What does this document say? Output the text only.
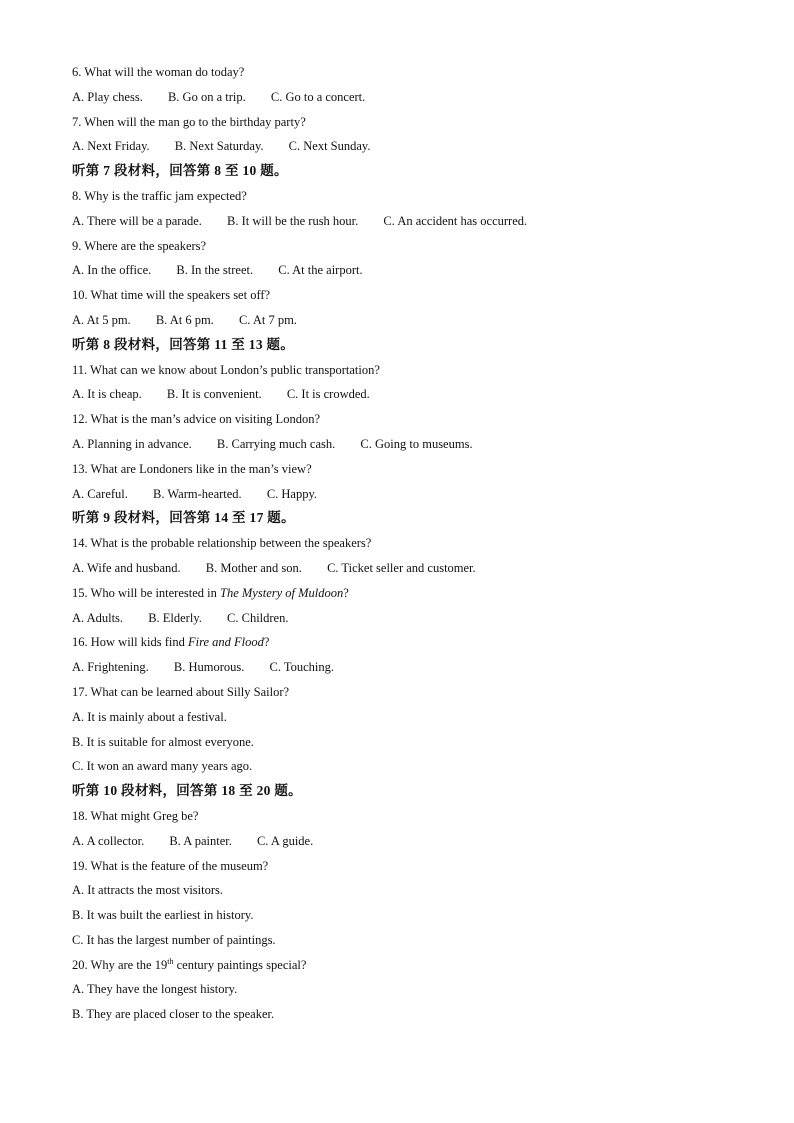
6. What will the woman do today?
A. Play chess. B. Go on a trip. C. Go to a concert.
7. When will the man go to the birthday party?
A. Next Friday. B. Next Saturday. C. Next Sunday.
听第 7 段材料，回答第 8 至 10 题。
8. Why is the traffic jam expected?
A. There will be a parade. B. It will be the rush hour. C. An accident has occurred.
9. Where are the speakers?
A. In the office. B. In the street. C. At the airport.
10. What time will the speakers set off?
A. At 5 pm. B. At 6 pm. C. At 7 pm.
听第 8 段材料，回答第 11 至 13 题。
11. What can we know about London’s public transportation?
A. It is cheap. B. It is convenient. C. It is crowded.
12. What is the man’s advice on visiting London?
A. Planning in advance. B. Carrying much cash. C. Going to museums.
13. What are Londoners like in the man’s view?
A. Careful. B. Warm-hearted. C. Happy.
听第 9 段材料，回答第 14 至 17 题。
14. What is the probable relationship between the speakers?
A. Wife and husband. B. Mother and son. C. Ticket seller and customer.
15. Who will be interested in The Mystery of Muldoon?
A. Adults. B. Elderly. C. Children.
16. How will kids find Fire and Flood?
A. Frightening. B. Humorous. C. Touching.
17. What can be learned about Silly Sailor?
A. It is mainly about a festival.
B. It is suitable for almost everyone.
C. It won an award many years ago.
听第 10 段材料，回答第 18 至 20 题。
18. What might Greg be?
A. A collector. B. A painter. C. A guide.
19. What is the feature of the museum?
A. It attracts the most visitors.
B. It was built the earliest in history.
C. It has the largest number of paintings.
20. Why are the 19th century paintings special?
A. They have the longest history.
B. They are placed closer to the speaker.
